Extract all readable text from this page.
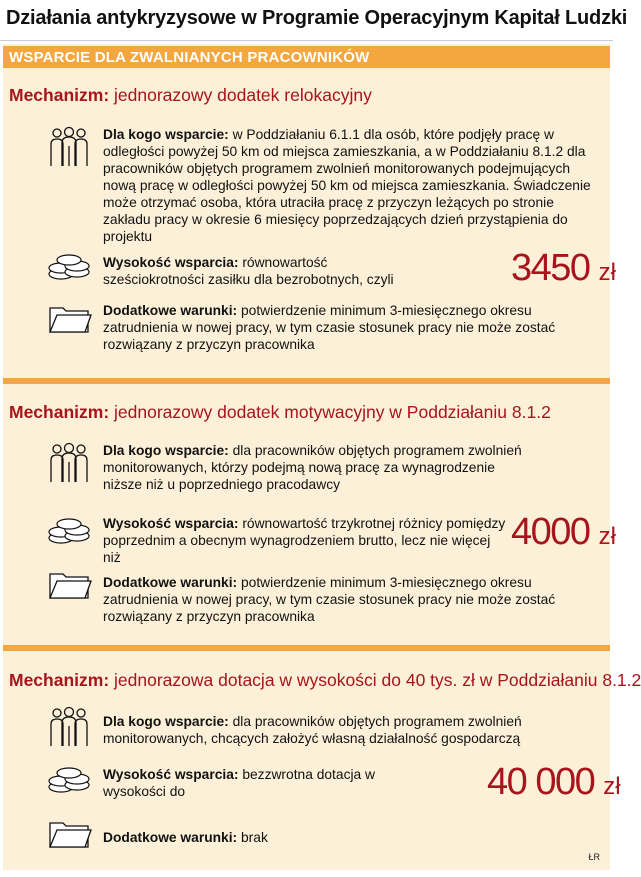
Działania antykryzysowe w Programie Operacyjnym Kapitał Ludzki
WSPARCIE DLA ZWALNIANYCH PRACOWNIKÓW
Mechanizm: jednorazowy dodatek relokacyjny
Dla kogo wsparcie: w Poddziałaniu 6.1.1 dla osób, które podjęły pracę w odległości powyżej 50 km od miejsca zamieszkania, a w Poddziałaniu 8.1.2 dla pracowników objętych programem zwolnień monitorowanych podejmujących nową pracę w odległości powyżej 50 km od miejsca zamieszkania. Świadczenie może otrzymać osoba, która utraciła pracę z przyczyn leżących po stronie zakładu pracy w okresie 6 miesięcy poprzedzających dzień przystąpienia do projektu
Wysokość wsparcia: równowartość sześciokrotności zasiłku dla bezrobotnych, czyli	3450 zł
Dodatkowe warunki: potwierdzenie minimum 3-miesięcznego okresu zatrudnienia w nowej pracy, w tym czasie stosunek pracy nie może zostać rozwiązany z przyczyn pracownika
Mechanizm: jednorazowy dodatek motywacyjny w Poddziałaniu 8.1.2
Dla kogo wsparcie: dla pracowników objętych programem zwolnień monitorowanych, którzy podejmą nową pracę za wynagrodzenie niższe niż u poprzedniego pracodawcy
Wysokość wsparcia: równowartość trzykrotnej różnicy pomiędzy poprzednim a obecnym wynagrodzeniem brutto, lecz nie więcej niż
4000 zł
Dodatkowe warunki: potwierdzenie minimum 3-miesięcznego okresu zatrudnienia w nowej pracy, w tym czasie stosunek pracy nie może zostać rozwiązany z przyczyn pracownika
Mechanizm: jednorazowa dotacja w wysokości do 40 tys. zł w Poddziałaniu 8.1.2
Dla kogo wsparcie: dla pracowników objętych programem zwolnień monitorowanych, chcących założyć własną działalność gospodarczą
Wysokość wsparcia: bezzwrotna dotacja w wysokości do	40 000 zł
Dodatkowe warunki: brak
ŁR
